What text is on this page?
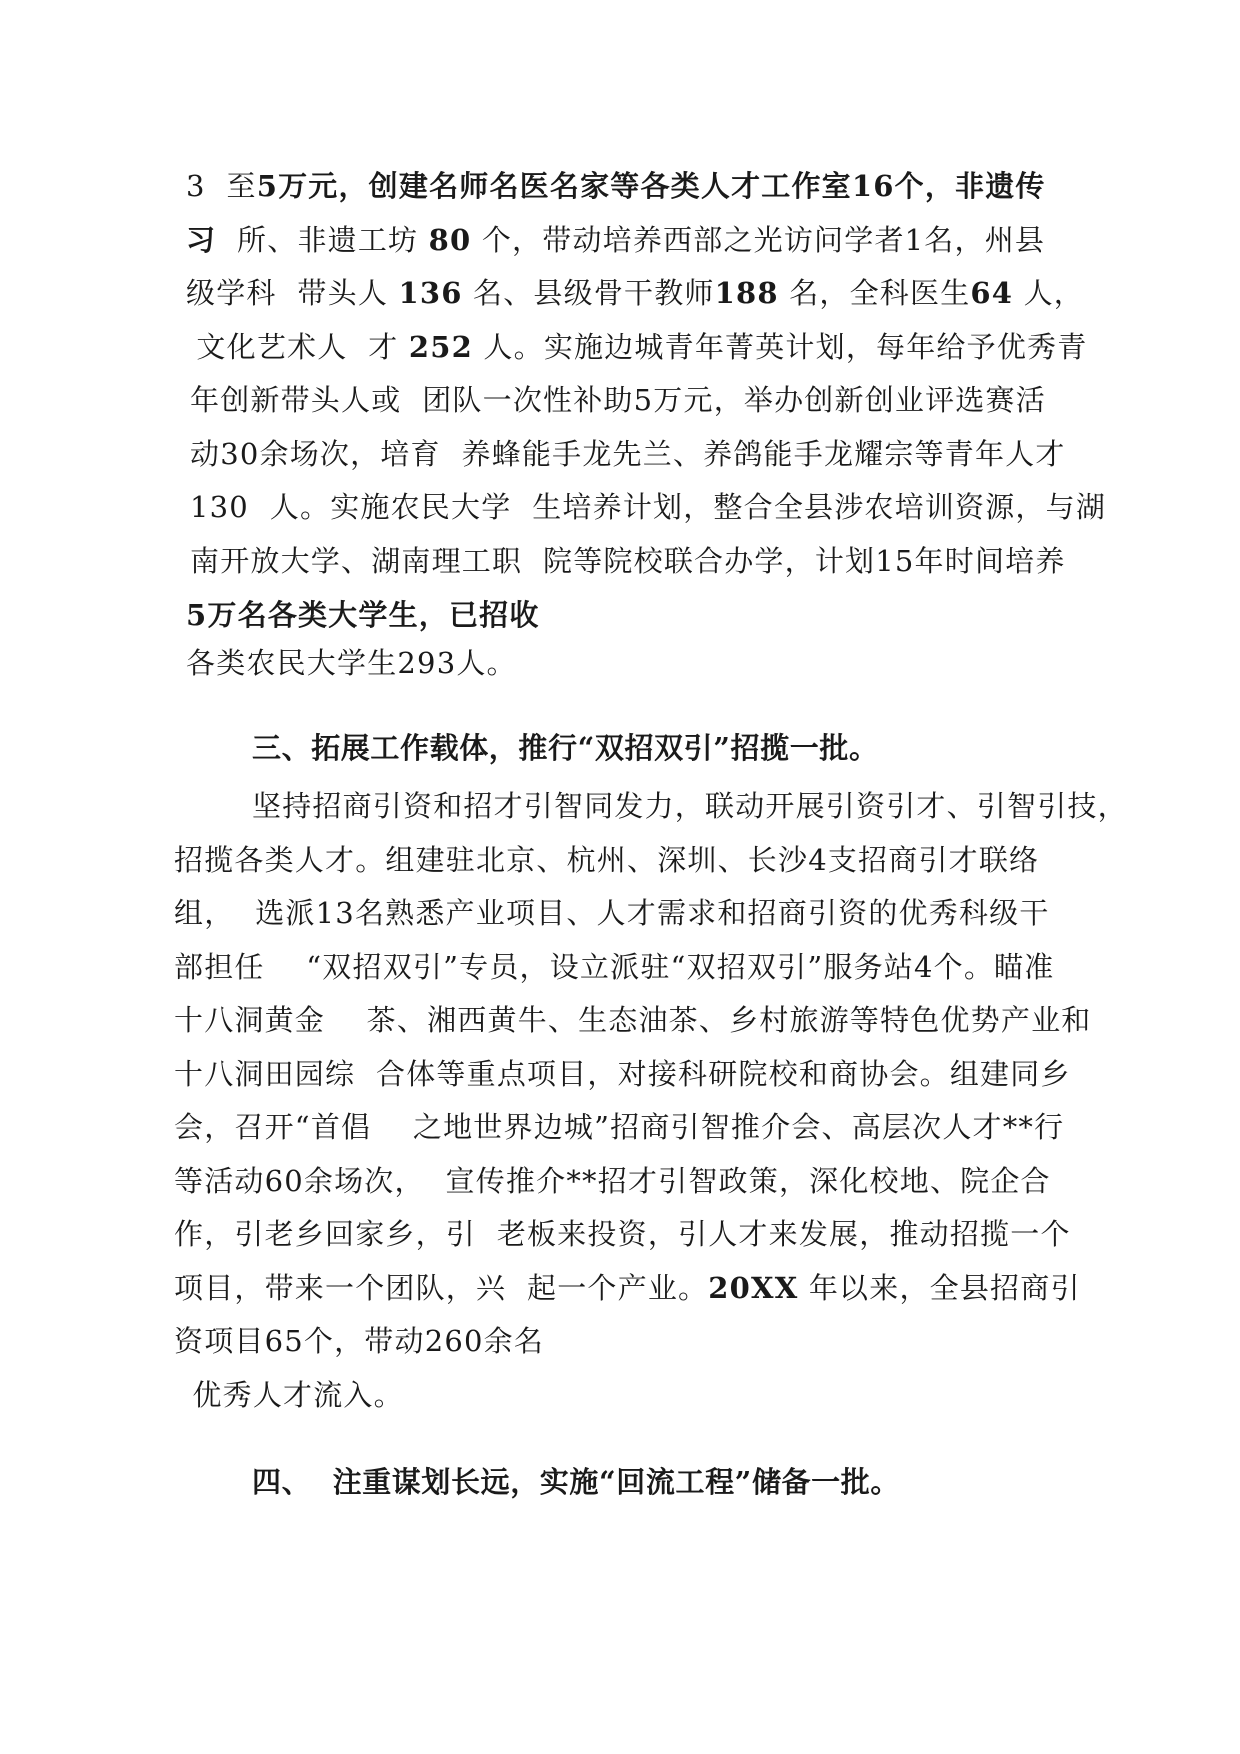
3  至5万元，创建名师名医名家等各类人才工作室16个，非遗传
习  所、非遗工坊 80 个，带动培养西部之光访问学者1名，州县
级学科  带头人 136 名、县级骨干教师188 名，全科医生64 人，
文化艺术人  才 252 人。实施边城青年菁英计划，每年给予优秀青
年创新带头人或  团队一次性补助5万元，举办创新创业评选赛活
动30余场次，培育  养蜂能手龙先兰、养鸽能手龙耀宗等青年人才
130  人。实施农民大学  生培养计划，整合全县涉农培训资源，与湖
南开放大学、湖南理工职  院等院校联合办学，计划15年时间培养
5万名各类大学生，已招收
各类农民大学生293人。
三、拓展工作载体，推行“双招双引”招揽一批。
坚持招商引资和招才引智同发力，联动开展引资引才、引智引技，
招揽各类人才。组建驻北京、杭州、深圳、长沙4支招商引才联络
组，  选派13名熟悉产业项目、人才需求和招商引资的优秀科级干
部担任    “双招双引”专员，设立派驻“双招双引”服务站4个。瞄准
十八洞黄金    茶、湘西黄牛、生态油茶、乡村旅游等特色优势产业和
十八洞田园综  合体等重点项目，对接科研院校和商协会。组建同乡
会，召开“首倡    之地世界边城”招商引智推介会、高层次人才**行
等活动60余场次，  宣传推介**招才引智政策，深化校地、院企合
作，引老乡回家乡，引  老板来投资，引人才来发展，推动招揽一个
项目，带来一个团队，兴  起一个产业。20XX 年以来，全县招商引
资项目65个，带动260余名
优秀人才流入。
四、  注重谋划长远，实施“回流工程”储备一批。
